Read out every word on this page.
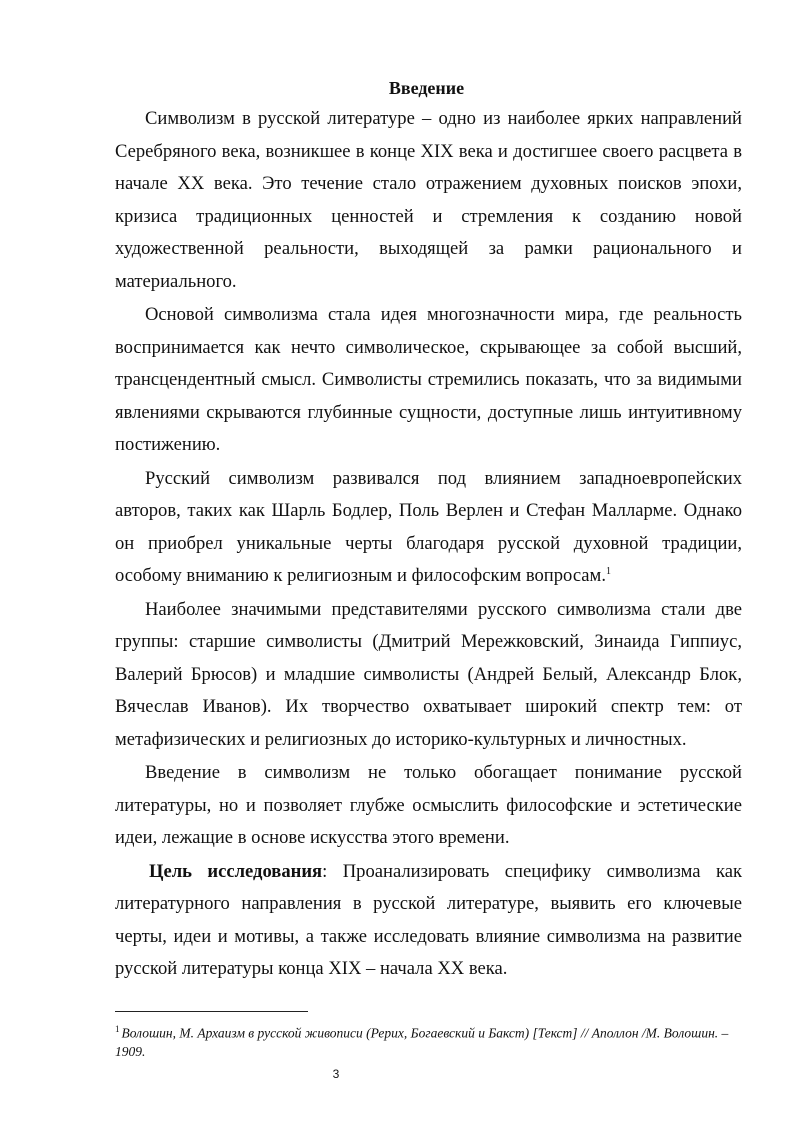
Введение

Символизм в русской литературе – одно из наиболее ярких направлений Серебряного века, возникшее в конце XIX века и достигшее своего расцвета в начале XX века. Это течение стало отражением духовных поисков эпохи, кризиса традиционных ценностей и стремления к созданию новой художественной реальности, выходящей за рамки рационального и материального.

Основой символизма стала идея многозначности мира, где реальность воспринимается как нечто символическое, скрывающее за собой высший, трансцендентный смысл. Символисты стремились показать, что за видимыми явлениями скрываются глубинные сущности, доступные лишь интуитивному постижению.

Русский символизм развивался под влиянием западноевропейских авторов, таких как Шарль Бодлер, Поль Верлен и Стефан Малларме. Однако он приобрел уникальные черты благодаря русской духовной традиции, особому вниманию к религиозным и философским вопросам.$^1$

Наиболее значимыми представителями русского символизма стали две группы: старшие символисты (Дмитрий Мережковский, Зинаида Гиппиус, Валерий Брюсов) и младшие символисты (Андрей Белый, Александр Блок, Вячеслав Иванов). Их творчество охватывает широкий спектр тем: от метафизических и религиозных до историко-культурных и личностных.

Введение в символизм не только обогащает понимание русской литературы, но и позволяет глубже осмыслить философские и эстетические идеи, лежащие в основе искусства этого времени.

Цель исследования: Проанализировать специфику символизма как литературного направления в русской литературе, выявить его ключевые черты, идеи и мотивы, а также исследовать влияние символизма на развитие русской литературы конца XIX – начала XX века.

$^1$ Волошин, М. Архаизм в русской живописи (Рерих, Богаевский и Бакст) [Текст] // Аполлон /М. Волошин. –1909.
3
